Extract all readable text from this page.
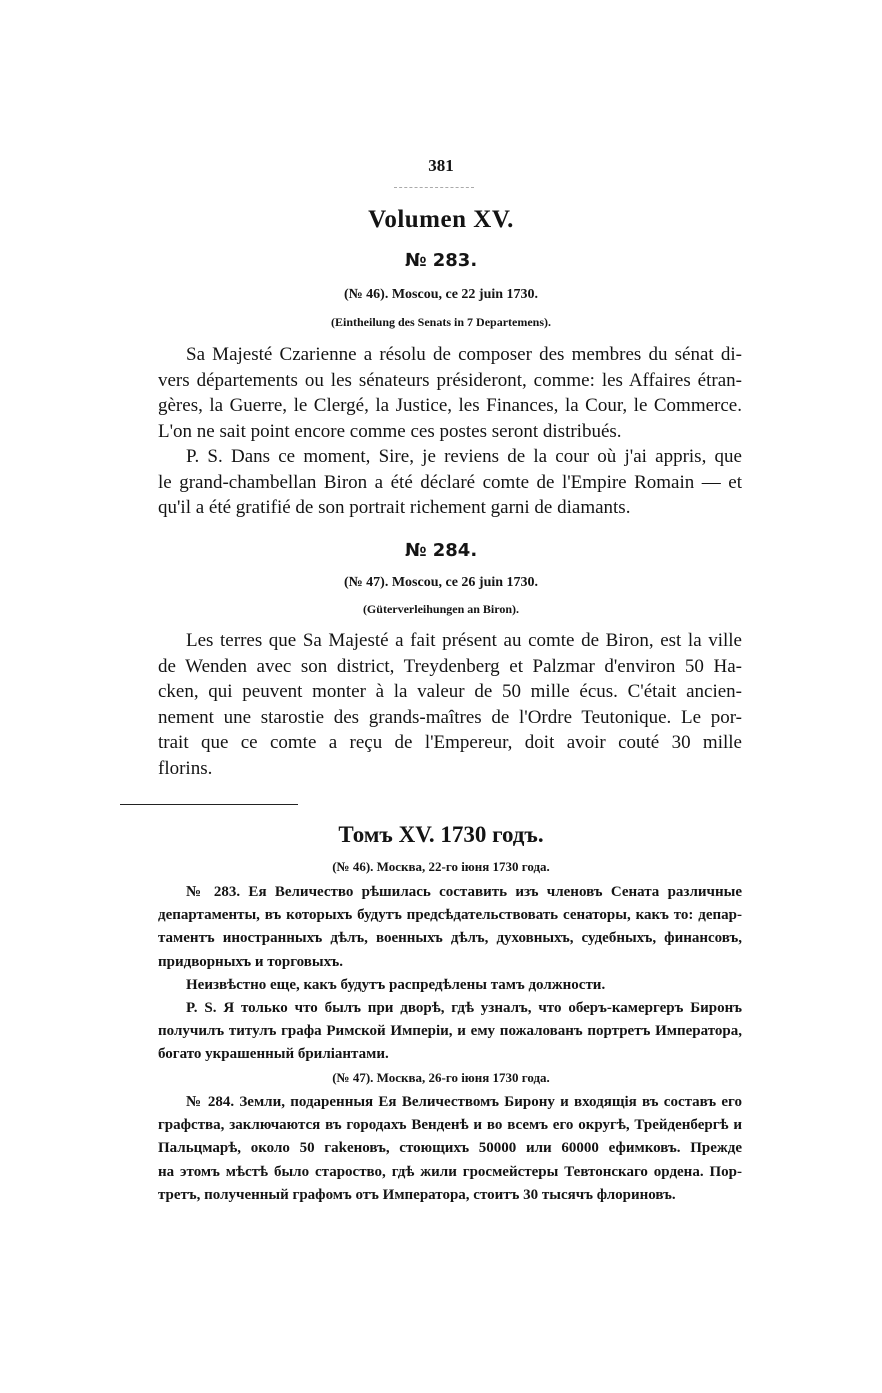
381
Volumen XV.
№ 283.
(№ 46). Moscou, ce 22 juin 1730.
(Eintheilung des Senats in 7 Departemens).
Sa Majesté Czarienne a résolu de composer des membres du sénat di-
vers départements ou les sénateurs présideront, comme: les Affaires étran-
gères, la Guerre, le Clergé, la Justice, les Finances, la Cour, le Commerce.
L'on ne sait point encore comme ces postes seront distribués.
P. S. Dans ce moment, Sire, je reviens de la cour où j'ai appris, que
le grand-chambellan Biron a été déclaré comte de l'Empire Romain — et
qu'il a été gratifié de son portrait richement garni de diamants.
№ 284.
(№ 47). Moscou, ce 26 juin 1730.
(Güterverleihungen an Biron).
Les terres que Sa Majesté a fait présent au comte de Biron, est la ville
de Wenden avec son district, Treydenberg et Palzmar d'environ 50 Ha-
cken, qui peuvent monter à la valeur de 50 mille écus. C'était ancien-
nement une starostie des grands-maîtres de l'Ordre Teutonique. Le por-
trait que ce comte a reçu de l'Empereur, doit avoir couté 30 mille
florins.
Томъ XV. 1730 годъ.
(№ 46). Москва, 22-го іюня 1730 года.
№ 283. Ея Величество рѣшилась составить изъ членовъ Сената различные
департаменты, въ которыхъ будутъ предсѣдательствовать сенаторы, какъ то: депар-
таментъ иностранныхъ дѣлъ, военныхъ дѣлъ, духовныхъ, судебныхъ, финансовъ,
придворныхъ и торговыхъ.
Неизвѣстно еще, какъ будутъ распредѣлены тамъ должности.
P. S. Я только что былъ при дворѣ, гдѣ узналъ, что оберъ-камергеръ Биронъ
получилъ титулъ графа Римской Имперіи, и ему пожалованъ портретъ Императора,
богато украшенный бриліантами.
(№ 47). Москва, 26-го іюня 1730 года.
№ 284. Земли, подаренныя Ея Величествомъ Бирону и входящія въ составъ его
графства, заключаются въ городахъ Венденѣ и во всемъ его округѣ, Трейденбергѣ и
Пальцмарѣ, около 50 гаkеновъ, стоющихъ 50000 или 60000 ефимковъ. Прежде
на этомъ мѣстѣ было староство, гдѣ жили гросмейстеры Тевтонскаго ордена. Пор-
третъ, полученный графомъ отъ Императора, стоитъ 30 тысячъ флориновъ.
